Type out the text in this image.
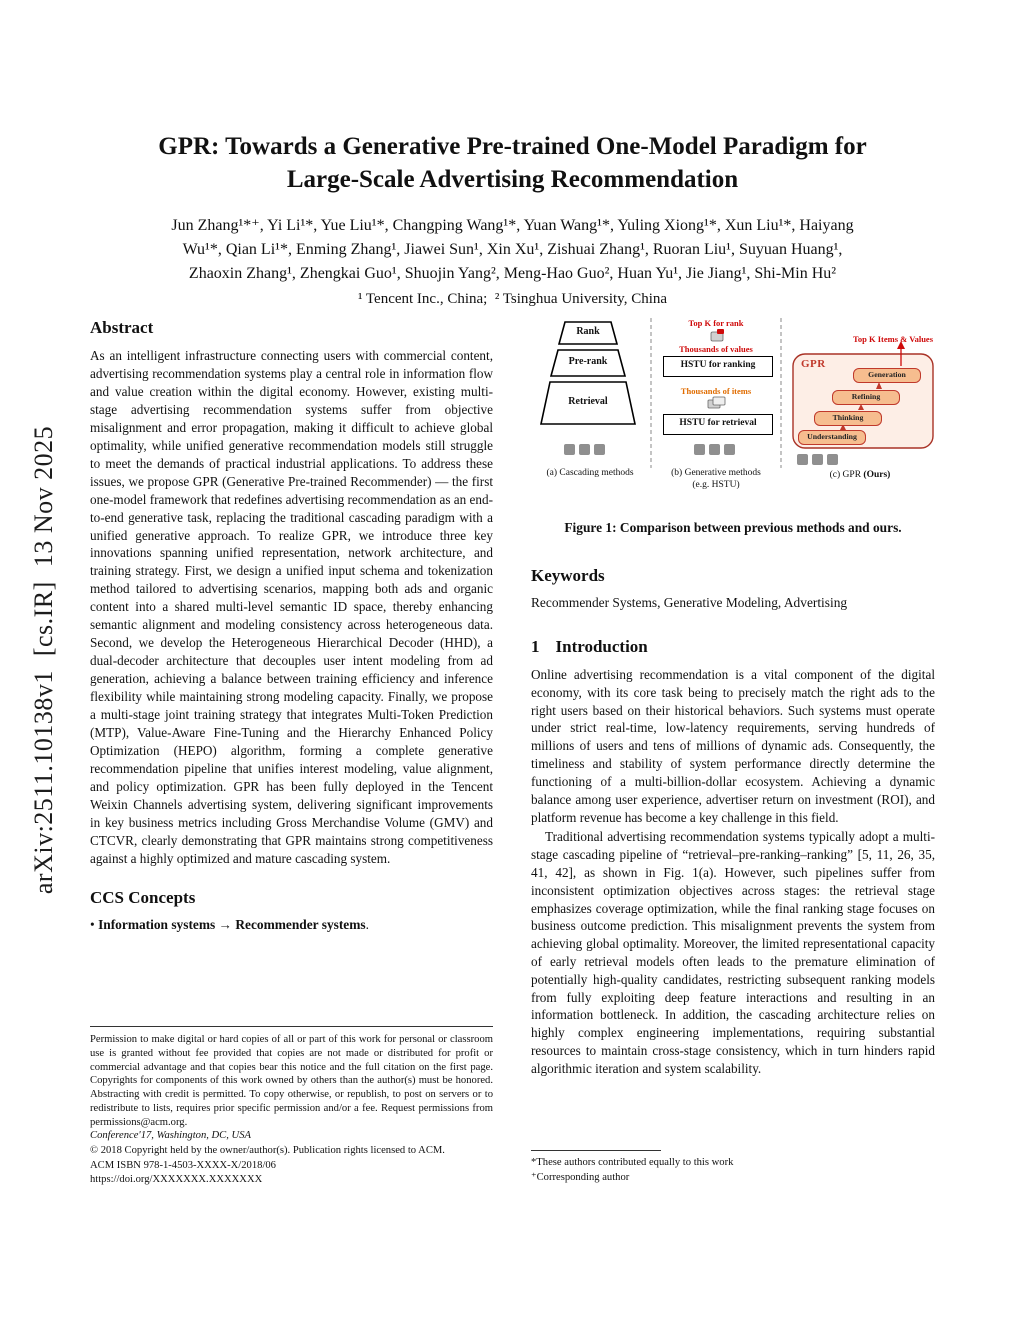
arXiv:2511.10138v1  [cs.IR]  13 Nov 2025
GPR: Towards a Generative Pre-trained One-Model Paradigm for
Large-Scale Advertising Recommendation
Jun Zhang¹*⁺, Yi Li¹*, Yue Liu¹*, Changping Wang¹*, Yuan Wang¹*, Yuling Xiong¹*, Xun Liu¹*, Haiyang
Wu¹*, Qian Li¹*, Enming Zhang¹, Jiawei Sun¹, Xin Xu¹, Zishuai Zhang¹, Ruoran Liu¹, Suyuan Huang¹,
Zhaoxin Zhang¹, Zhengkai Guo¹, Shuojin Yang², Meng-Hao Guo², Huan Yu¹, Jie Jiang¹, Shi-Min Hu²
¹ Tencent Inc., China;  ² Tsinghua University, China
Abstract

As an intelligent infrastructure connecting users with commercial content, advertising recommendation systems play a central role in information flow and value creation within the digital economy. However, existing multi-stage advertising recommendation systems suffer from objective misalignment and error propagation, making it difficult to achieve global optimality, while unified generative recommendation models still struggle to meet the demands of practical industrial applications. To address these issues, we propose GPR (Generative Pre-trained Recommender) — the first one-model framework that redefines advertising recommendation as an end-to-end generative task, replacing the traditional cascading paradigm with a unified generative approach. To realize GPR, we introduce three key innovations spanning unified representation, network architecture, and training strategy. First, we design a unified input schema and tokenization method tailored to advertising scenarios, mapping both ads and organic content into a shared multi-level semantic ID space, thereby enhancing semantic alignment and modeling consistency across heterogeneous data. Second, we develop the Heterogeneous Hierarchical Decoder (HHD), a dual-decoder architecture that decouples user intent modeling from ad generation, achieving a balance between training efficiency and inference flexibility while maintaining strong modeling capacity. Finally, we propose a multi-stage joint training strategy that integrates Multi-Token Prediction (MTP), Value-Aware Fine-Tuning and the Hierarchy Enhanced Policy Optimization (HEPO) algorithm, forming a complete generative recommendation pipeline that unifies interest modeling, value alignment, and policy optimization. GPR has been fully deployed in the Tencent Weixin Channels advertising system, delivering significant improvements in key business metrics including Gross Merchandise Volume (GMV) and CTCVR, clearly demonstrating that GPR maintains strong competitiveness against a highly optimized and mature cascading system.

CCS Concepts

• Information systems → Recommender systems.

Permission to make digital or hard copies of all or part of this work for personal or classroom use is granted without fee provided that copies are not made or distributed for profit or commercial advantage and that copies bear this notice and the full citation on the first page. Copyrights for components of this work owned by others than the author(s) must be honored. Abstracting with credit is permitted. To copy otherwise, or republish, to post on servers or to redistribute to lists, requires prior specific permission and/or a fee. Request permissions from permissions@acm.org.

Conference'17, Washington, DC, USA
© 2018 Copyright held by the owner/author(s). Publication rights licensed to ACM.
ACM ISBN 978-1-4503-XXXX-X/2018/06
https://doi.org/XXXXXXX.XXXXXXX
Rank
Pre-rank
Retrieval
(a) Cascading methods
Top K for rank
Thousands of values
HSTU for ranking
Thousands of items
HSTU for retrieval
(b) Generative methods
(e.g. HSTU)
Top K Items & Values
GPR
Generation
Refining
Thinking
Understanding
(c) GPR (Ours)
Figure 1: Comparison between previous methods and ours.
Keywords
Recommender Systems, Generative Modeling, Advertising
1 Introduction

Online advertising recommendation is a vital component of the digital economy, with its core task being to precisely match the right ads to the right users based on their historical behaviors. Such systems must operate under strict real-time, low-latency requirements, serving hundreds of millions of users and tens of millions of dynamic ads. Consequently, the timeliness and stability of system performance directly determine the functioning of a multi-billion-dollar ecosystem. Achieving a dynamic balance among user experience, advertiser return on investment (ROI), and platform revenue has become a key challenge in this field.

Traditional advertising recommendation systems typically adopt a multi-stage cascading pipeline of “retrieval–pre-ranking–ranking” [5, 11, 26, 35, 41, 42], as shown in Fig. 1(a). However, such pipelines suffer from inconsistent optimization objectives across stages: the retrieval stage emphasizes coverage optimization, while the final ranking stage focuses on business outcome prediction. This misalignment prevents the system from achieving global optimality. Moreover, the limited representational capacity of early retrieval models often leads to the premature elimination of potentially high-quality candidates, restricting subsequent ranking models from fully exploiting deep feature interactions and resulting in an information bottleneck. In addition, the cascading architecture relies on highly complex engineering implementations, requiring substantial resources to maintain cross-stage consistency, which in turn hinders rapid algorithmic iteration and system scalability.

*These authors contributed equally to this work
⁺Corresponding author
